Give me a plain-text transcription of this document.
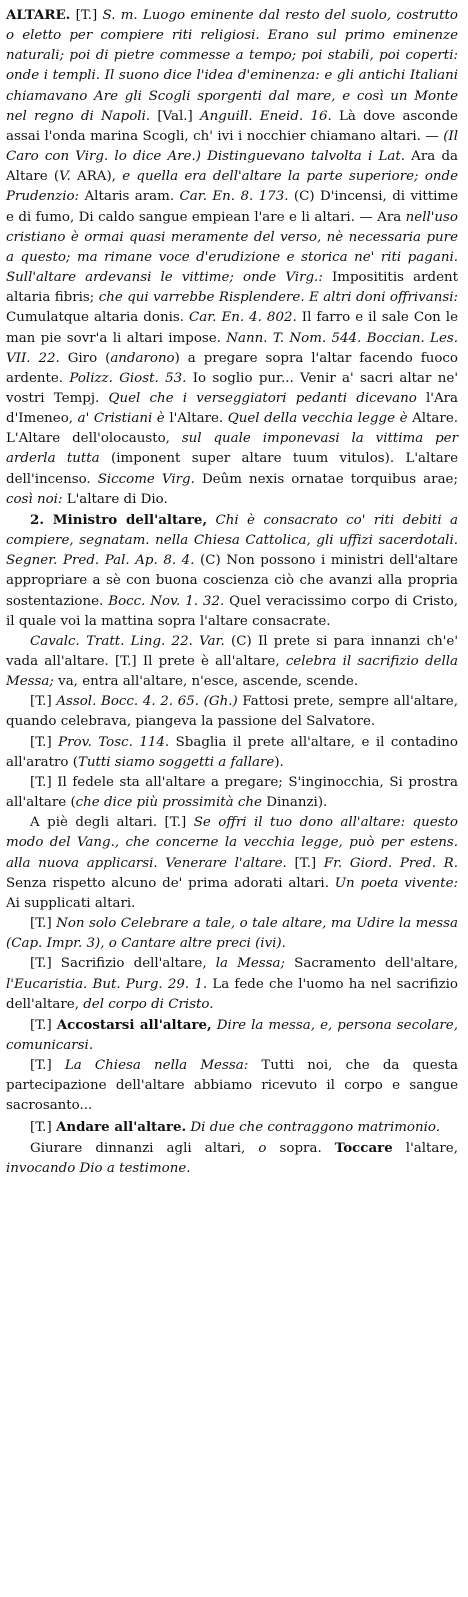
ALTARE. [T.] S. m. Luogo eminente dal resto del suolo, costrutto o eletto per compiere riti religiosi. Erano sul primo eminenze naturali; poi di pietre commesse a tempo; poi stabili, poi coperti: onde i templi. Il suono dice l'idea d'eminenza: e gli antichi Italiani chiamavano Are gli Scogli sporgenti dal mare, e così un Monte nel regno di Napoli. [Val.] Anguill. Eneid. 16. Là dove asconde assai l'onda marina Scogli, ch' ivi i nocchier chiamano altari. — (Il Caro con Virg. lo dice Are.) Distinguevano talvolta i Lat. Ara da Altare (V. ARA), e quella era dell'altare la parte superiore; onde Prudenzio: Altaris aram. Car. En. 8. 173. (C) D'incensi, di vittime e di fumo, Di caldo sangue empiean l'are e li altari. — Ara nell'uso cristiano è ormai quasi meramente del verso, nè necessaria pure a questo; ma rimane voce d'erudizione e storica ne' riti pagani. Sull'altare ardevansi le vittime; onde Virg.: Imposititis ardent altaria fibris; che qui varrebbe Risplendere. E altri doni offrivansi: Cumulatque altaria donis. Car. En. 4. 802. Il farro e il sale Con le man pie sovr'a li altari impose. Nann. T. Nom. 544. Boccian. Les. VII. 22. Giro (andarono) a pregare sopra l'altar facendo fuoco ardente. Polizz. Giost. 53. Io soglio pur... Venir a' sacri altar ne' vostri Tempj. Quel che i verseggiatori pedanti dicevano l'Ara d'Imeneo, a' Cristiani è l'Altare. Quel della vecchia legge è Altare. L'Altare dell'olocausto, sul quale imponevasi la vittima per arderla tutta (imponent super altare tuum vitulos). L'altare dell'incenso. Siccome Virg. Deûm nexis ornatae torquibus arae; così noi: L'altare di Dio.

2. Ministro dell'altare, Chi è consacrato co' riti debiti a compiere, segnatam. nella Chiesa Cattolica, gli uffizi sacerdotali. Segner. Pred. Pal. Ap. 8. 4. (C) Non possono i ministri dell'altare appropriare a sè con buona coscienza ciò che avanzi alla propria sostentazione. Bocc. Nov. 1. 32. Quel veracissimo corpo di Cristo, il quale voi la mattina sopra l'altare consacrate.

Cavalc. Tratt. Ling. 22. Var. (C) Il prete si para innanzi ch'e' vada all'altare. [T.] Il prete è all'altare, celebra il sacrifizio della Messa; va, entra all'altare, n'esce, ascende, scende.

[T.] Assol. Bocc. 4. 2. 65. (Gh.) Fattosi prete, sempre all'altare, quando celebrava, piangeva la passione del Salvatore.

[T.] Prov. Tosc. 114. Sbaglia il prete all'altare, e il contadino all'aratro (Tutti siamo soggetti a fallare).

[T.] Il fedele sta all'altare a pregare; S'inginocchia, Si prostra all'altare (che dice più prossimità che Dinanzi).

A piè degli altari. [T.] Se offri il tuo dono all'altare: questo modo del Vang., che concerne la vecchia legge, può per estens. alla nuova applicarsi. Venerare l'altare. [T.] Fr. Giord. Pred. R. Senza rispetto alcuno de' prima adorati altari. Un poeta vivente: Ai supplicati altari.

[T.] Non solo Celebrare a tale, o tale altare, ma Udire la messa (Cap. Impr. 3), o Cantare altre preci (ivi).

[T.] Sacrifizio dell'altare, la Messa; Sacramento dell'altare, l'Eucaristia. But. Purg. 29. 1. La fede che l'uomo ha nel sacrifizio dell'altare, del corpo di Cristo.

[T.] Accostarsi all'altare, Dire la messa, e, persona secolare, comunicarsi.

[T.] La Chiesa nella Messa: Tutti noi, che da questa partecipazione dell'altare abbiamo ricevuto il corpo e sangue sacrosanto...

[T.] Andare all'altare. Di due che contraggono matrimonio.

Giurare dinnanzi agli altari, o sopra. Toccare l'altare, invocando Dio a testimone.
